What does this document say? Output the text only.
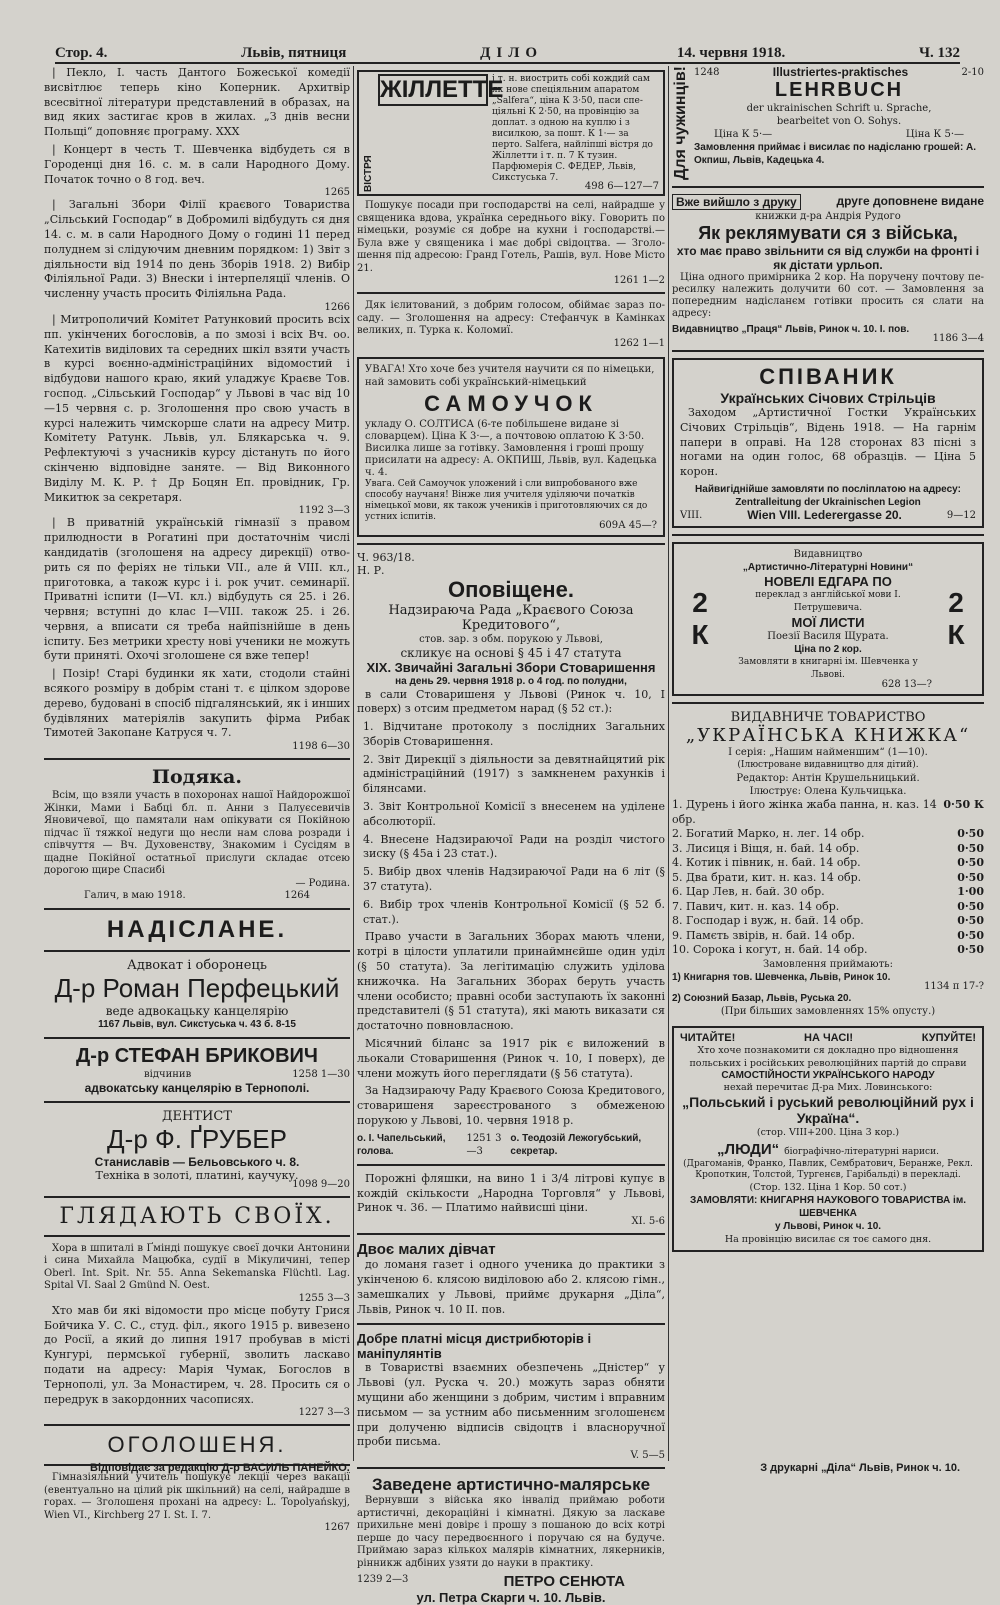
Стор. 4.	Львів, пятниця	ДІЛО	14. червня 1918.	Ч. 132

| Пекло, І. часть Дантого Божеської комедії висвітлює теперь кіно Коперник. Архитвір всесвітної літератури представлений в образах, на вид яких застигає кров в жилах. „З днів весни Польщі“ доповняє програму. XXX

| Концерт в честь Т. Шевченка відбудеть ся в Городенці дня 16. с. м. в сали Народного Дому. Початок точно о 8 год. веч.

1265

| Загальні Збори Філії краєвого Товариства „Сільський Господар“ в Добромилі відбудуть ся дня 14. с. м. в сали Народного Дому о годині 11 перед полуднем зі слідуючим дневним порядком: 1) Звіт з діяльности від 1914 по день Зборів 1918. 2) Вибір Філіяльної Ради. 3) Внески і інтерпеляції членів. О численну участь просить Філіяльна Рада.

1266

| Митрополичий Комітет Ратунковий просить всіх пп. укінчених богословів, а по змозі і всіх Вч. оо. Катехитів виділових та середних шкіл взяти участь в курсі воєнно-адміністраційних відомостий і відбудови нашого краю, який уладжує Краєве Тов. господ. „Сільський Господар“ у Львові в час від 10—15 червня с. р. Зголошення про свою участь в курсі належить чимскорше слати на адресу Митр. Комітету Ратунк. Львів, ул. Блякарська ч. 9. Рефлектуючі з учасників курсу дістануть по його скінченю відповідне заняте. — Від Виконного Виділу М. К. Р. † Др Боцян Еп. провідник, Гр. Микитюк за секретаря.

1192 3—3

| В приватній українській гімназії з правом прилюдности в Рогатині при достаточнім числі кандидатів (зголошеня на адресу дирекції) отворить ся по феріях не тільки VII., але й VIII. кл., приготовка, а також курс і і. рок учит. семинарії. Приватні іспити (I—VI. кл.) відбудуть ся 25. і 26. червня; вступні до клас I—VIII. також 25. і 26. червня, а вписати ся треба найпізнійше в день іспиту. Без метрики хресту нові ученики не можуть бути приняті. Охочі зголошене ся вже тепер!

| Позір! Старі будинки як хати, стодоли стайні всякого розміру в добрім стані т. є цілком здорове дерево, будовані в спосіб підгалянський, як і инших будівляних матеріялів закупить фірма Рибак Тимотей Закопане Катруся ч. 7.

1198 6—30
Подяка.

Всім, що взяли участь в похоронах нашої Найдорожшої Жінки, Мами і Бабці бл. п. Анни з Палуєсевичів Яновичевої, що памятали нам опікувати ся Покійною підчас її тяжкої недуги що несли нам слова розради і співчуття — Вч. Духовенству, Знакомим і Сусідям в щадне Покійної остатньої прислуги складає отсею дорогою щире Спасибі

— Родина.
Галич, в маю 1918.	1264
НАДІСЛАНЕ.
Адвокат і оборонець
Д-р Роман Перфецький
веде адвокацьку канцелярію
1167 Львів, вул. Сикстуська ч. 43 б. 8-15
Д-р СТЕФАН БРИКОВИЧ
відчинив	1258 1—30
адвокатську канцелярію в Тернополі.
ДЕНТИСТ
Д-р Ф. ҐРУБЕР
Станиславів — Бельовського ч. 8.
Техніка в золоті, платині, каучуку.
1098 9—20
ГЛЯДАЮТЬ СВОЇХ.

Хора в шпиталі в Ґмінді пошукує своєї дочки Антонини і сина Михайла Мацюбка, судії в Мікуличині, тепер Oberl. Int. Spit. Nr. 55. Anna Sekemanska Flüchtl. Lag. Spital VI. Saal 2 Gmünd N. Oest.

1255 3—3

Хто мав би які відомости про місце побуту Грися Бойчика У. С. С., студ. філ., якого 1915 р. вивезено до Росії, а який до липня 1917 пробував в місті Кунгурі, пермської губернії, зволить ласкаво подати на адресу: Марія Чумак, Богослов в Тернополі, ул. За Монастирем, ч. 28. Просить ся о передрук в закордонних часописях.

1227 3—3
ОГОЛОШЕНЯ.

Гімназіяльний учитель пошукує лекції через вакації (евентуально на цілий рік шкільний) на селі, найрадше в горах. — Зголошеня прохані на адресу: L. Topolyańskyj, Wien VI., Kirchberg 27 I. St. I. 7.

1267
ВІСТРЯ
ЖІЛЛЕТТЕ
і т. н. виострить собі кождий сам як нове спеціяльним апаратом „Salfera“, ціна К 3·50, паси спеціяльні К 2·50, на провінцію за доплат. з одною на куплю і з висилкою, за пошт. К 1·— за перто. Salfera, найліпші вістря до Жіллетти і т. п. 7 К тузин. Парфюмерія С. ФЕДЕР, Львів, Сикстуська 7.
498 6—127—7

Пошукує посади при господарстві на селі, найрадше у священика вдова, українка середнього віку. Говорить по німецьки, розуміє ся добре на кухни і господарстві.— Була вже у священика і має добрі свідоцтва. — Зголошення під адресою: Гранд Готель, Рашів, вул. Нове Місто 21.

1261 1—2

Дяк ієлитований, з добрим голосом, обіймає зараз посаду. — Зголошення на адресу: Стефанчук в Камінках великих, п. Турка к. Коломиї.

1262 1—1
УВАГА! Хто хоче без учителя научити ся по німецьки, най замовить собі український-німецький
САМОУЧОК
укладу О. СОЛТИСА (6-те побільшене видане зі словарцем). Ціна К 3·—, а почтовою оплатою К 3·50. Висилка лише за готівку. Замовлення і гроші прошу присилати на адресу: А. ОКПИШ, Львів, вул. Кадецька ч. 4.
Увага. Сей Самоучок уложений і сли випробованого вже способу научаня! Вінже лия учителя уділяючи початків німецької мови, як також учеників і приготовляючих ся до устних іспитів.
609А 45—?
Ч. 963/18.
Н. Р.
Оповіщене.
Надзираюча Рада „Краєвого Союза Кредитового“,
стов. зар. з обм. порукою у Львові,
скликує на основі § 45 і 47 статута
XIX. Звичайні Загальні Збори Стоваришення
на день 29. червня 1918 р. о 4 год. по полудни,

в сали Стоваришеня у Львові (Ринок ч. 10, I поверх) з отсим предметом нарад (§ 52 ст.):

1. Відчитане протоколу з послідних Загальних Зборів Стоваришення.
2. Звіт Дирекції з діяльности за девятнайцятий рік адміністраційний (1917) з замкненем рахунків і білянсами.
3. Звіт Контрольної Комісії з внесенем на уділене абсолюторії.
4. Внесене Надзираючої Ради на розділ чистого зиску (§ 45а і 23 стат.).
5. Вибір двох членів Надзираючої Ради на 6 літ (§ 37 статута).
6. Вибір трох членів Контрольної Комісії (§ 52 б. стат.).

Право участи в Загальних Зборах мають члени, котрі в цілости уплатили принаймнєйше один уділ (§ 50 статута). За легітимацію служить уділова книжочка. На Загальних Зборах беруть участь члени особисто; правні особи заступають їх законні представителі (§ 51 статута), які мають виказати ся достаточно повновласною.

Місячний біланс за 1917 рік є виложений в льокали Стоваришення (Ринок ч. 10, I поверх), де члени можуть його переглядати (§ 56 статута).

За Надзираючу Раду Краєвого Союза Кредитового, стоваришеня зареєстрованого з обмеженою порукою у Львові, 10. червня 1918 р.

о. І. Чапельський, голова.
1251 3—3
о. Теодозій Лежогубський, секретар.

Порожні фляшки, на вино 1 і 3/4 літрові купує в кождій скількости „Народна Торговля“ у Львові, Ринок ч. 36. — Платимо найвисші ціни.

XI. 5-6
Двоє малих дівчат

до ломаня газет і одного ученика до практики з укінченою 6. клясою виділовою або 2. клясою гімн., замешкалих у Львові, приймє друкарня „Діла“, Львів, Ринок ч. 10 II. пов.

Добре платні місця дистрибюторів і маніпулянтів

в Товаристві взаємних обезпечень „Дністер“ у Львові (ул. Руска ч. 20.) можуть зараз обняти мущини або женщини з добрим, чистим і вправним письмом — за устним або письменним зголошенєм при долученю відписів свідоцтв і власноручної проби письма.

V. 5—5
Заведене артистично-малярське

Вернувши з війська яко інвалід приймаю роботи артистичні, декораційні і кімнатні. Дякую за ласкаве прихильне мені довірє і прошу з пошаною до всіх котрі перше до часу передвоєнного і поручаю ся на будуче. Приймаю зараз кількох малярів кімнатних, лякерників, рінникж адбіних узяти до науки в практику.

1239 2—3	ПЕТРО СЕНЮТА
ул. Петра Скарги ч. 10. Львів.
Для чужинців! 1248	Illustriertes-praktisches	2-10
LEHRBUCH
der ukrainischen Schrift u. Sprache,
bearbeitet von O. Sohys.
Ціна К 5·—	Ціна К 5·—
Замовлення приймає і висилає по надісланю грошей: А. Окпиш, Львів, Кадецька 4.
Вже вийшло з друку	друге доповнене видане
книжки д-ра Андрія Рудого
Як реклямувати ся з війська,
хто має право звільнити ся від служби на фронті і як дістати урльоп.

Ціна одного примірника 2 кор. На поручену почтову пересилку належить долучити 60 сот. — Замовлення за попередним надісланєм готівки просить ся слати на адресу:

Видавництво „Праця“ Львів, Ринок ч. 10. I. пов.
1186 3—4
СПІВАНИК
Українських Січових Стрільців

Заходом „Артистичної Гостки Українських Січових Стрільців“, Відень 1918. — На гарнім папери в оправі. На 128 сторонах 83 пісні з ногами на один голос, 68 образців. — Ціна 5 корон.

Найвигіднійше замовляти по посліплатою на адресу:
Zentralleitung der Ukrainischen Legion
VIII.	Wien VIII. Lederergasse 20.	9—12
2 К
Видавництво
„Артистично-Літературні Новини“
НОВЕЛІ ЕДГАРА ПО
переклад з англійської мови І. Петрушевича.
МОЇ ЛИСТИ
Поезії Василя Щурата.
Ціна по 2 кор.
Замовляти в книгарні ім. Шевченка у Львові.
628 13—?
2 К
ВИДАВНИЧЕ ТОВАРИСТВО
„УКРАЇНСЬКА КНИЖКА“
I серія: „Нашим найменшим“ (1—10).
(Ілюстроване видавництво для дітий).
Редактор: Антін Крушельницький.
Ілюструє: Олена Кульчицька.
1. Дурень і його жінка жаба панна, н. каз. 14 обр.
0·50 К
2. Богатий Марко, н. лег. 14 обр.	0·50
3. Лисиця і Віщя, н. бай. 14 обр.	0·50
4. Котик і півник, н. бай. 14 обр.	0·50
5. Два брати, кит. н. каз. 14 обр.	0·50
6. Цар Лев, н. бай. 30 обр.	1·00
7. Павич, кит. н. каз. 14 обр.	0·50
8. Господар і вуж, н. бай. 14 обр.	0·50
9. Памєть звірів, н. бай. 14 обр.	0·50
10. Сорока і когут, н. бай. 14 обр.	0·50
Замовлення приймають:
1) Книгарня тов. Шевченка, Львів, Ринок 10.
1134 п 17-?
2) Союзний Базар, Львів, Руська 20.
(При більших замовленнях 15% опусту.)
ЧИТАЙТЕ!	НА ЧАСІ!	КУПУЙТЕ!
Хто хоче познакомити ся докладно про відношення польських і російських революційних партій до справи
САМОСТІЙНОСТИ УКРАЇНСЬКОГО НАРОДУ
нехай перечитає Д-ра Мих. Ловинського:
„Польський і руський революційний рух і Україна“.
(стор. VIII+200. Ціна 3 кор.)
„ЛЮДИ“ біографічно-літературні нариси.
(Драгоманів, Франко, Павлик, Сембратович, Беранже, Рекл. Кропоткин, Толстой, Тургенєв, Гарібальді) в перекладі.
(Стор. 132. Ціна 1 Кор. 50 сот.)
ЗАМОВЛЯТИ: КНИГАРНЯ НАУКОВОГО ТОВАРИСТВА ім. ШЕВЧЕНКА
у Львові, Ринок ч. 10.
На провінцію висилає ся тоє самого дня.
Відповідає за редакцію Д-р ВАСИЛЬ ПАНЕЙКО.	З друкарні „Діла“ Львів, Ринок ч. 10.
